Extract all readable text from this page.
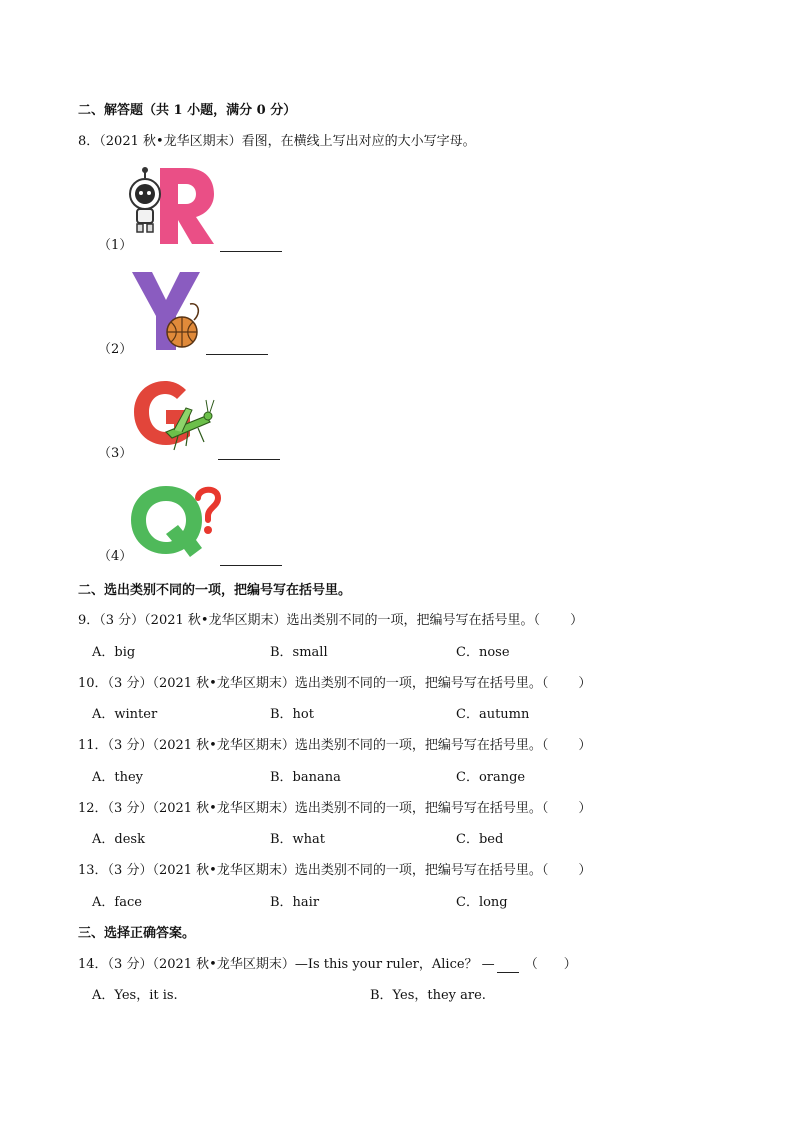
二、解答题（共 1 小题，满分 0 分）
8．（2021 秋•龙华区期末）看图，在横线上写出对应的大小写字母。
（1）
（2）
（3）
（4）
二、选出类别不同的一项，把编号写在括号里。
9．（3 分）（2021 秋•龙华区期末）选出类别不同的一项，把编号写在括号里。（ ）
A．big	B．small	C．nose
10．（3 分）（2021 秋•龙华区期末）选出类别不同的一项，把编号写在括号里。（ ）
A．winter	B．hot	C．autumn
11．（3 分）（2021 秋•龙华区期末）选出类别不同的一项，把编号写在括号里。（ ）
A．they	B．banana	C．orange
12．（3 分）（2021 秋•龙华区期末）选出类别不同的一项，把编号写在括号里。（ ）
A．desk	B．what	C．bed
13．（3 分）（2021 秋•龙华区期末）选出类别不同的一项，把编号写在括号里。（ ）
A．face	B．hair	C．long
三、选择正确答案。
14．（3 分）（2021 秋•龙华区期末）—Is this your ruler，Alice？ — （　　）
A．Yes，it is.	B．Yes，they are.
